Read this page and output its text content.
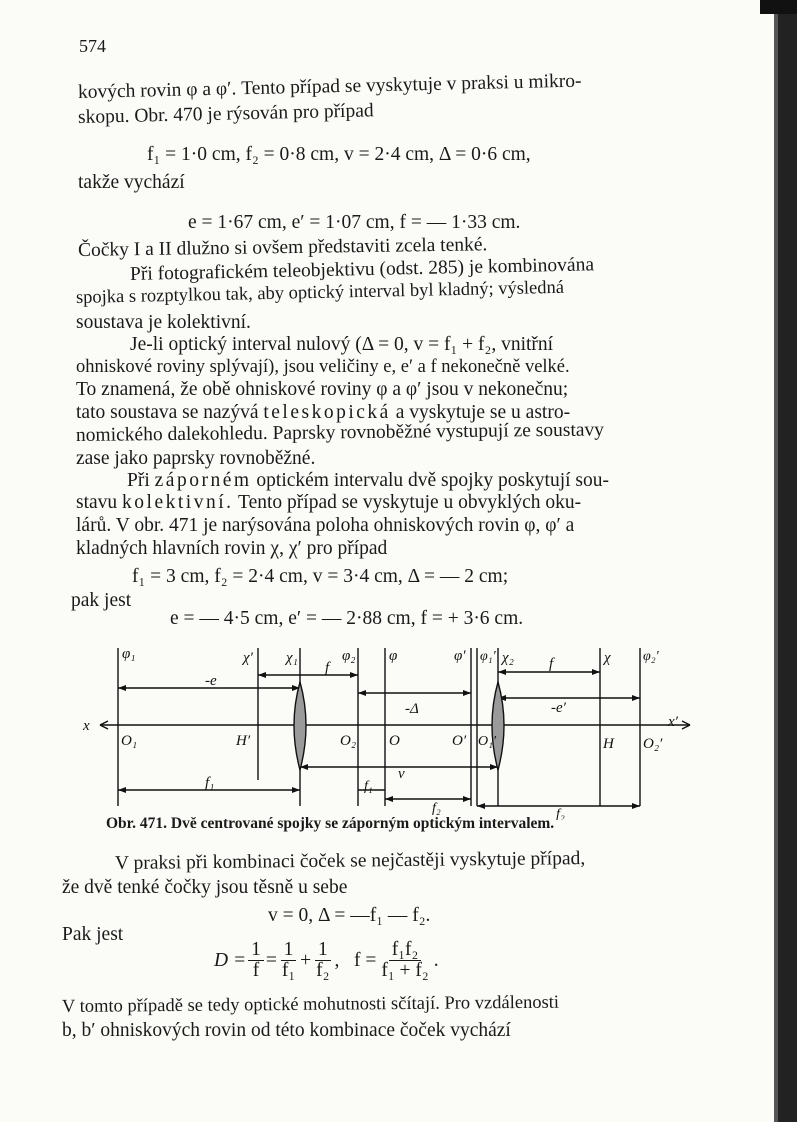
574
kových rovin φ a φ′. Tento případ se vyskytuje v praksi u mikro-
skopu. Obr. 470 je rýsován pro případ
f₁ = 1·0 cm, f₂ = 0·8 cm, v = 2·4 cm, Δ = 0·6 cm,
takže vychází
e = 1·67 cm, e′ = 1·07 cm, f = — 1·33 cm.
Čočky I a II dlužno si ovšem představiti zcela tenké.
Při fotografickém teleobjektivu (odst. 285) je kombinována
spojka s rozptylkou tak, aby optický interval byl kladný; výsledná
soustava je kolektivní.
Je-li optický interval nulový (Δ = 0, v = f₁ + f₂, vnitřní
ohniskové roviny splývají), jsou veličiny e, e′ a f nekonečně velké.
To znamená, že obě ohniskové roviny φ a φ′ jsou v nekonečnu;
tato soustava se nazývá teleskopická a vyskytuje se u astro-
nomického dalekohledu. Paprsky rovnoběžné vystupují ze soustavy
zase jako paprsky rovnoběžné.
Při záporném optickém intervalu dvě spojky poskytují sou-
stavu kolektivní. Tento případ se vyskytuje u obvyklých oku-
lárů. V obr. 471 je narýsována poloha ohniskových rovin φ, φ′ a
kladných hlavních rovin χ, χ′ pro případ
f₁ = 3 cm, f₂ = 2·4 cm, v = 3·4 cm, Δ = — 2 cm;
pak jest
e = — 4·5 cm, e′ = — 2·88 cm, f = + 3·6 cm.
φ₁	χ′ χ₁	φ₂ φ	φ′ φ₁′ χ₂	χ φ₂′
-e
f
-Δ	-e′
v
f₁	f₁
f₂	f₂
f
x
O₁	H′	O₂ O	O′ O₁′	H O₂′
x′
Obr. 471. Dvě centrované spojky se záporným optickým intervalem.
V praksi při kombinaci čoček se nejčastěji vyskytuje případ,
že dvě tenké čočky jsou těsně u sebe
v = 0, Δ = —f₁ — f₂.
Pak jest
$D = \frac{1}{f} = \frac{1}{\text{f₁}} + \frac{1}{\text{f₂}}$ ,   $f = \frac{\text{f₁f₂}}{\text{f₁ + f₂}}$ .
V tomto případě se tedy optické mohutnosti sčítají. Pro vzdálenosti
b, b′ ohniskových rovin od této kombinace čoček vychází
